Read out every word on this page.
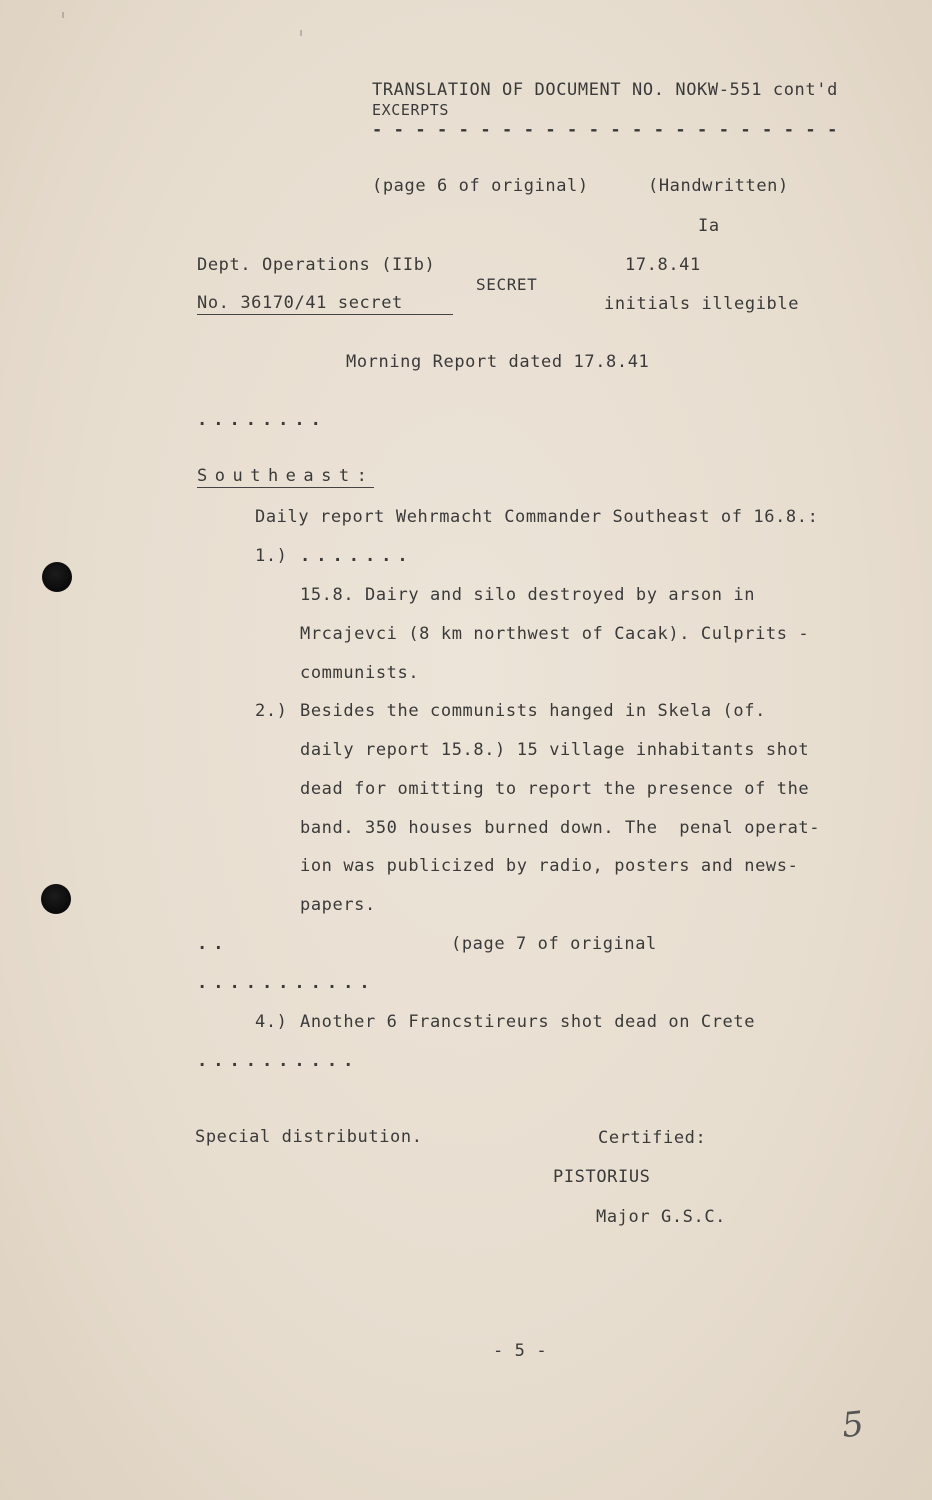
TRANSLATION OF DOCUMENT NO. NOKW-551 cont'd
EXCERPTS
- - - - - - - - - - - - - - - - - - - - - -
(page 6 of original)	(Handwritten)
Ia
Dept. Operations (IIb)	17.8.41
SECRET
No. 36170/41 secret	initials illegible
Morning Report dated 17.8.41
........
Southeast:
Daily report Wehrmacht Commander Southeast of 16.8.:
1.) .......
15.8. Dairy and silo destroyed by arson in
Mrcajevci (8 km northwest of Cacak). Culprits -
communists.
2.) Besides the communists hanged in Skela (of.
daily report 15.8.) 15 village inhabitants shot
dead for omitting to report the presence of the
band. 350 houses burned down. The  penal operat-
ion was publicized by radio, posters and news-
papers.
..	(page 7 of original
...........
4.) Another 6 Francstireurs shot dead on Crete
..........
Special distribution.	Certified:
PISTORIUS
Major G.S.C.
- 5 -
5
